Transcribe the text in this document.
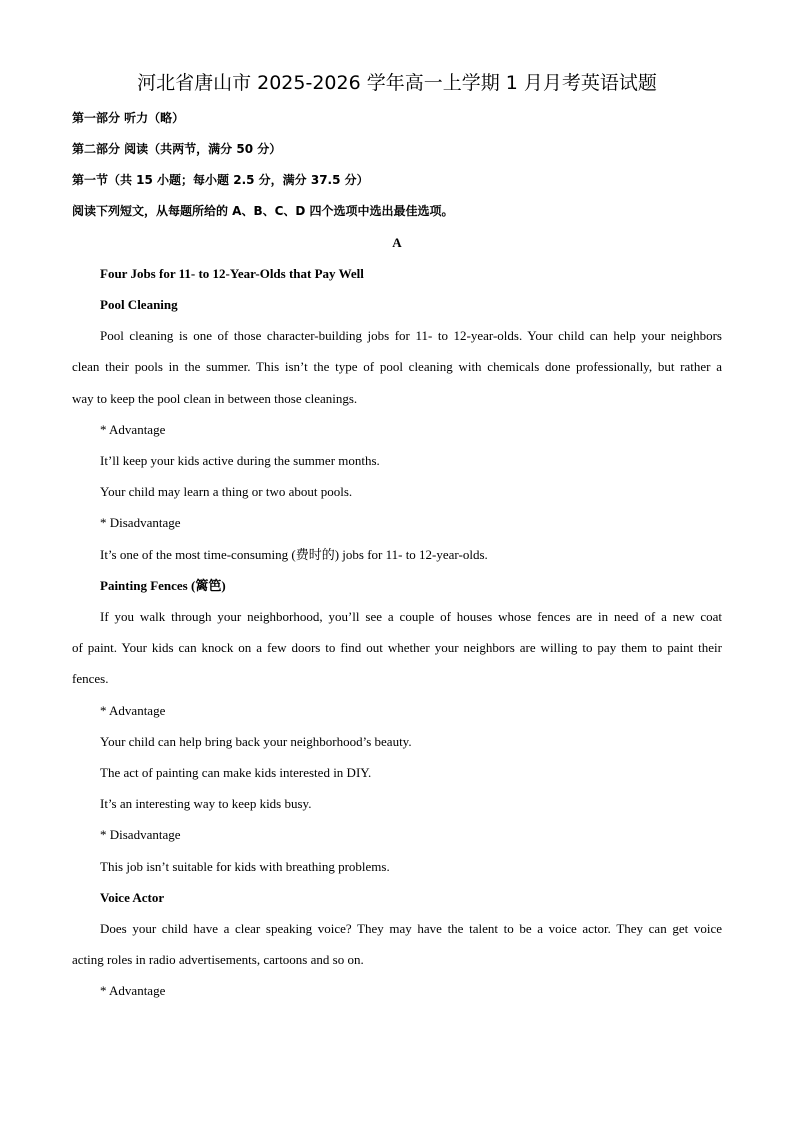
河北省唐山市 2025-2026 学年高一上学期 1 月月考英语试题
第一部分 听力（略）
第二部分 阅读（共两节，满分 50 分）
第一节（共 15 小题；每小题 2.5 分，满分 37.5 分）
阅读下列短文，从每题所给的 A、B、C、D 四个选项中选出最佳选项。
A
Four Jobs for 11- to 12-Year-Olds that Pay Well
Pool Cleaning
Pool cleaning is one of those character-building jobs for 11- to 12-year-olds. Your child can help your neighbors
clean their pools in the summer. This isn’t the type of pool cleaning with chemicals done professionally, but rather a
way to keep the pool clean in between those cleanings.
* Advantage
It’ll keep your kids active during the summer months.
Your child may learn a thing or two about pools.
* Disadvantage
It’s one of the most time-consuming (费时的) jobs for 11- to 12-year-olds.
Painting Fences (篱笆)
If you walk through your neighborhood, you’ll see a couple of houses whose fences are in need of a new coat
of paint. Your kids can knock on a few doors to find out whether your neighbors are willing to pay them to paint their
fences.
* Advantage
Your child can help bring back your neighborhood’s beauty.
The act of painting can make kids interested in DIY.
It’s an interesting way to keep kids busy.
* Disadvantage
This job isn’t suitable for kids with breathing problems.
Voice Actor
Does your child have a clear speaking voice? They may have the talent to be a voice actor. They can get voice
acting roles in radio advertisements, cartoons and so on.
* Advantage
